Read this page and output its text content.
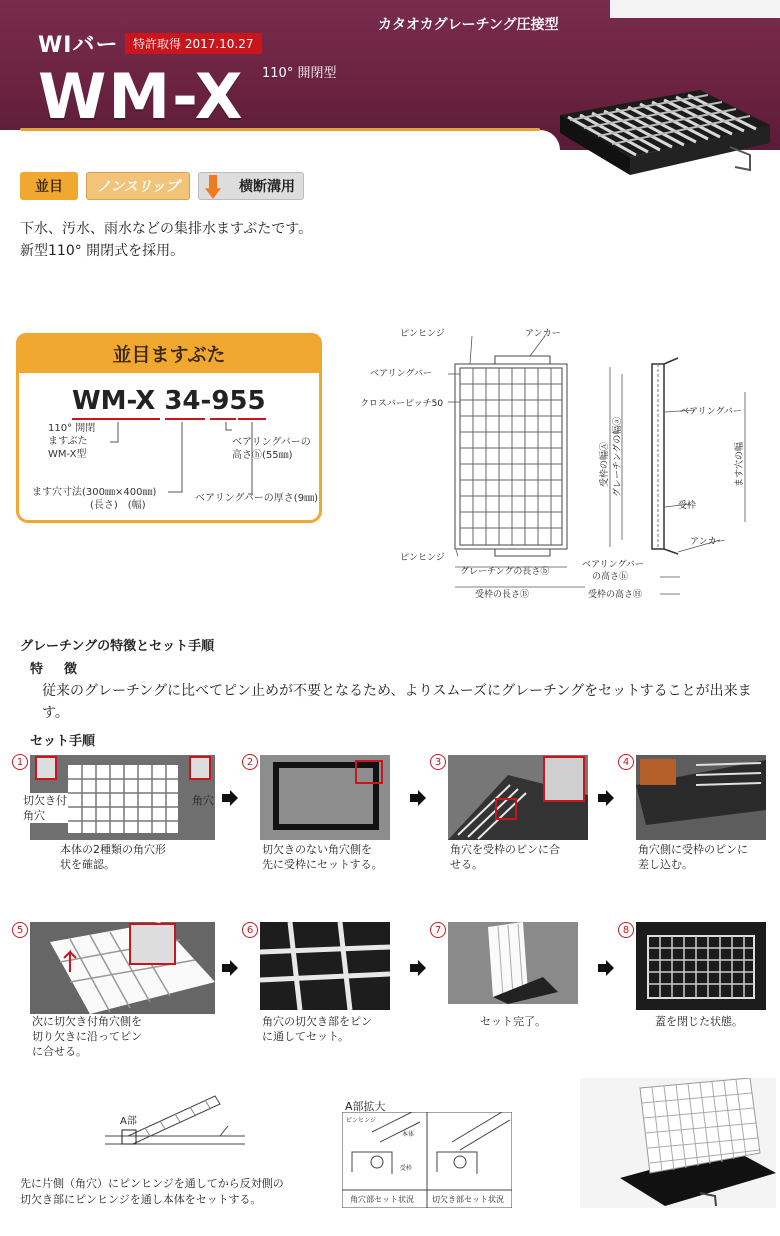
WIバー	特許取得 2017.10.27
WM-X 110° 開閉型
カタオカグレーチング圧接型
並目	ノンスリップ	横断溝用
下水、汚水、雨水などの集排水ますぶたです。
新型110° 開閉式を採用。
並目ますぶた
WM-X 34-955
110° 開閉
ますぶた
WM-X型
ベアリングバーの
高さⓗ(55㎜)
ます穴寸法(300㎜×400㎜)
(長さ)　(幅)
ベアリングバーの厚さ(9㎜)
ピンヒンジ	アンカー
ベアリングバー
クロスバーピッチ50
ピンヒンジ
グレーチングの長さⓑ
受枠の長さⒷ
ベアリングバー
受枠
アンカー
ベアリングバー
の高さⓗ
受枠の高さⒽ
受枠の幅Ⓐ グレーチングの幅ⓐ	ます穴の幅
グレーチングの特徴とセット手順
特　徴
従来のグレーチングに比べてピン止めが不要となるため、よりスムーズにグレーチングをセットすることが出来ます。
セット手順
1
切欠き付
角穴
角穴
本体の2種類の角穴形
状を確認。
2
切欠きのない角穴側を
先に受枠にセットする。
3
角穴を受枠のピンに合
せる。
4
角穴側に受枠のピンに
差し込む。
5
次に切欠き付角穴側を
切り欠きに沿ってピン
に合せる。
6
角穴の切欠き部をピン
に通してセット。
7
セット完了。
8
蓋を閉じた状態。
A部
A部拡大
ピンヒンジ
本体
受枠
角穴部セット状況 切欠き部セット状況
先に片側（角穴）にピンヒンジを通してから反対側の
切欠き部にピンヒンジを通し本体をセットする。
